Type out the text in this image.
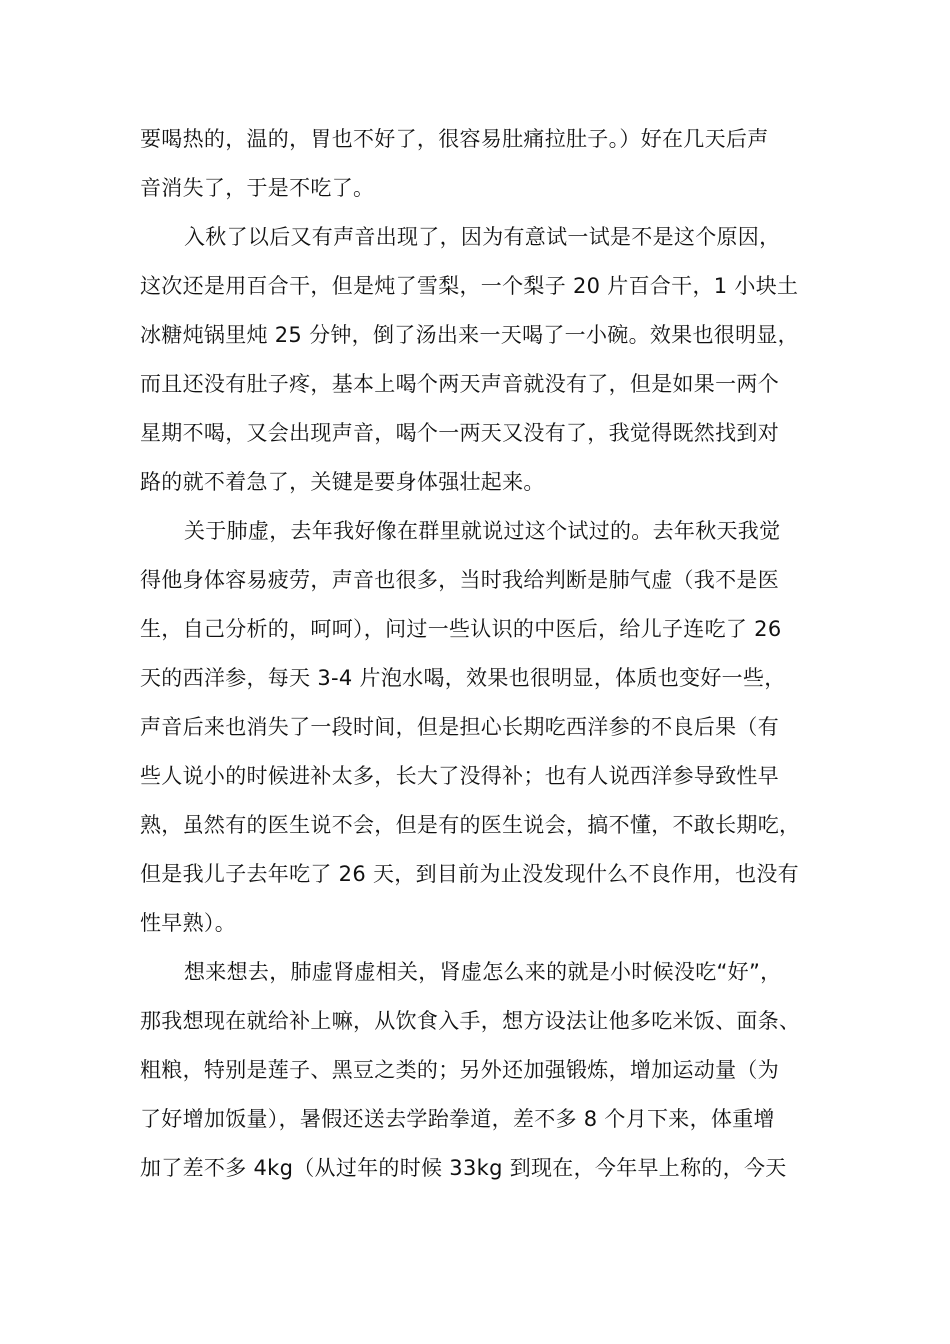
要喝热的，温的，胃也不好了，很容易肚痛拉肚子。）好在几天后声
音消失了，于是不吃了。
入秋了以后又有声音出现了，因为有意试一试是不是这个原因，
这次还是用百合干，但是炖了雪梨，一个梨子 20 片百合干，1 小块土
冰糖炖锅里炖 25 分钟，倒了汤出来一天喝了一小碗。效果也很明显，
而且还没有肚子疼，基本上喝个两天声音就没有了，但是如果一两个
星期不喝，又会出现声音，喝个一两天又没有了，我觉得既然找到对
路的就不着急了，关键是要身体强壮起来。
关于肺虚，去年我好像在群里就说过这个试过的。去年秋天我觉
得他身体容易疲劳，声音也很多，当时我给判断是肺气虚（我不是医
生，自己分析的，呵呵），问过一些认识的中医后，给儿子连吃了 26
天的西洋参，每天 3-4 片泡水喝，效果也很明显，体质也变好一些，
声音后来也消失了一段时间，但是担心长期吃西洋参的不良后果（有
些人说小的时候进补太多，长大了没得补；也有人说西洋参导致性早
熟，虽然有的医生说不会，但是有的医生说会，搞不懂，不敢长期吃，
但是我儿子去年吃了 26 天，到目前为止没发现什么不良作用，也没有
性早熟）。
想来想去，肺虚肾虚相关，肾虚怎么来的就是小时候没吃“好”，
那我想现在就给补上嘛，从饮食入手，想方设法让他多吃米饭、面条、
粗粮，特别是莲子、黑豆之类的；另外还加强锻炼，增加运动量（为
了好增加饭量），暑假还送去学跆拳道，差不多 8 个月下来，体重增
加了差不多 4kg（从过年的时候 33kg 到现在，今年早上称的，今天
